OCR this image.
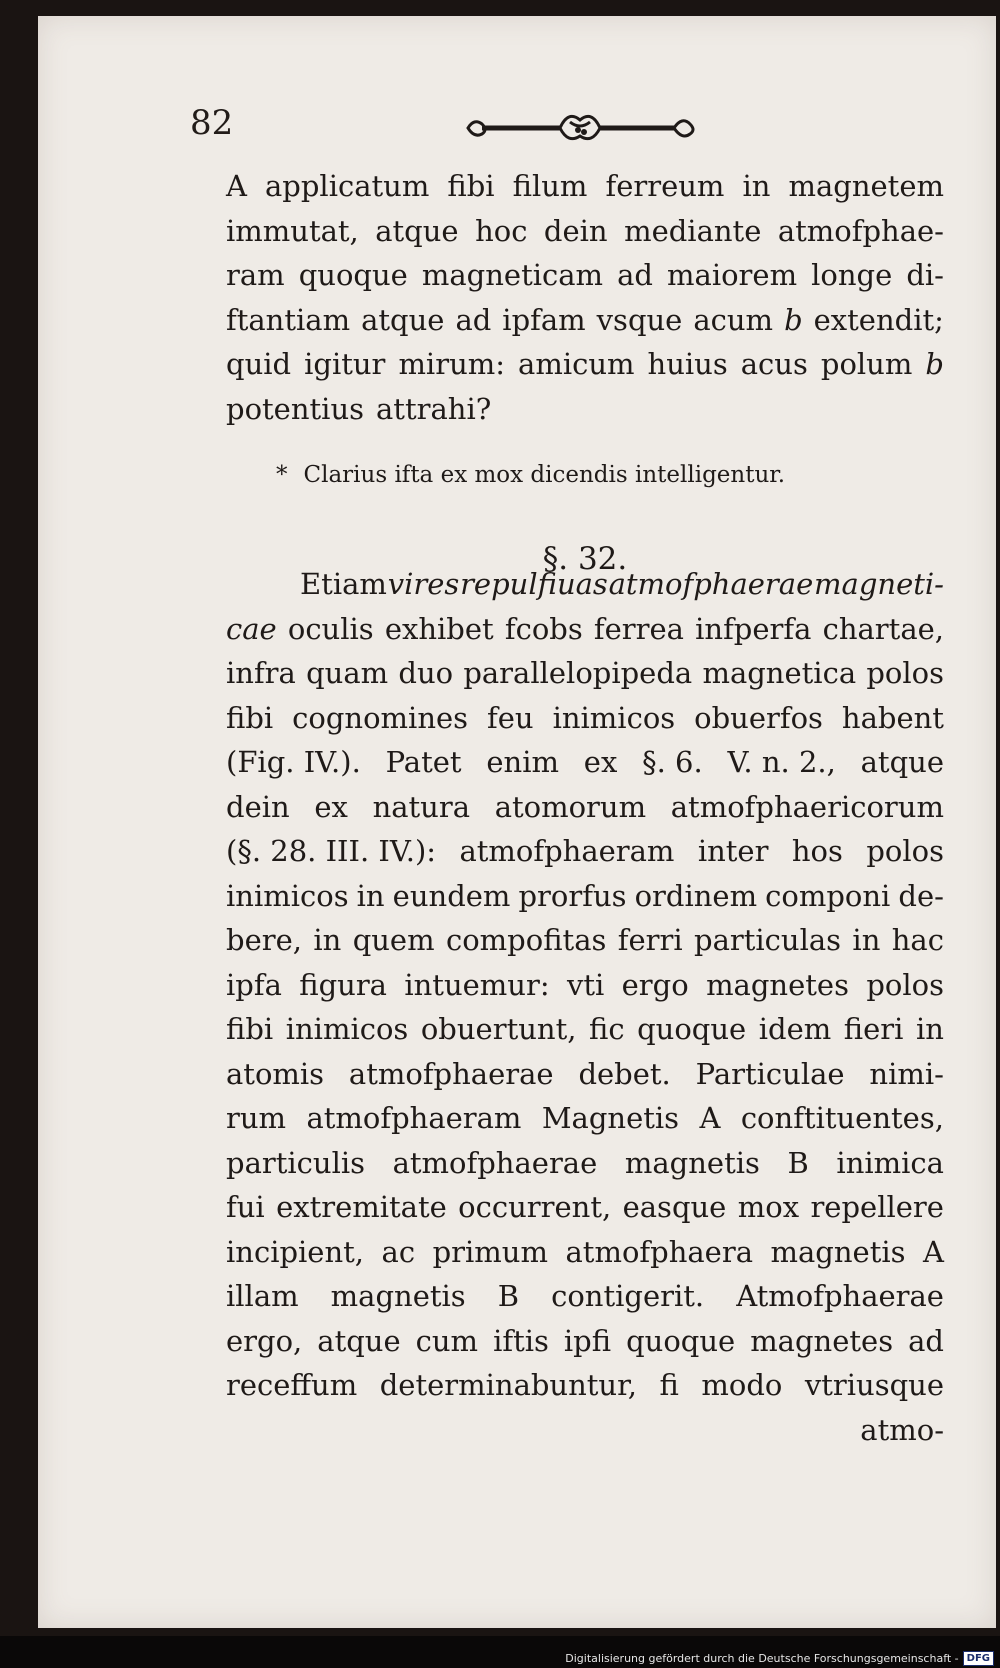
82
A applicatum fibi filum ferreum in magnetem
immutat, atque hoc dein mediante atmofphae-
ram quoque magneticam ad maiorem longe di-
ftantiam atque ad ipfam vsque acum b extendit;
quid igitur mirum: amicum huius acus polum b
potentius attrahi?
* Clarius ifta ex mox dicendis intelligentur.
§. 32.
Etiam vires repulfiuas atmofphaerae magneti-
cae oculis exhibet fcobs ferrea infperfa chartae,
infra quam duo parallelopipeda magnetica polos
fibi cognomines feu inimicos obuerfos habent
(Fig. IV.). Patet enim ex §. 6. V. n. 2., atque
dein ex natura atomorum atmofphaericorum
(§. 28. III. IV.): atmofphaeram inter hos polos
inimicos in eundem prorfus ordinem componi de-
bere, in quem compofitas ferri particulas in hac
ipfa figura intuemur: vti ergo magnetes polos
fibi inimicos obuertunt, fic quoque idem fieri in
atomis atmofphaerae debet. Particulae nimi-
rum atmofphaeram Magnetis A conftituentes,
particulis atmofphaerae magnetis B inimica
fui extremitate occurrent, easque mox repellere
incipient, ac primum atmofphaera magnetis A
illam magnetis B contigerit. Atmofphaerae
ergo, atque cum iftis ipfi quoque magnetes ad
receffum determinabuntur, fi modo vtriusque
atmo-
Digitalisierung gefördert durch die Deutsche Forschungsgemeinschaft - DFG
